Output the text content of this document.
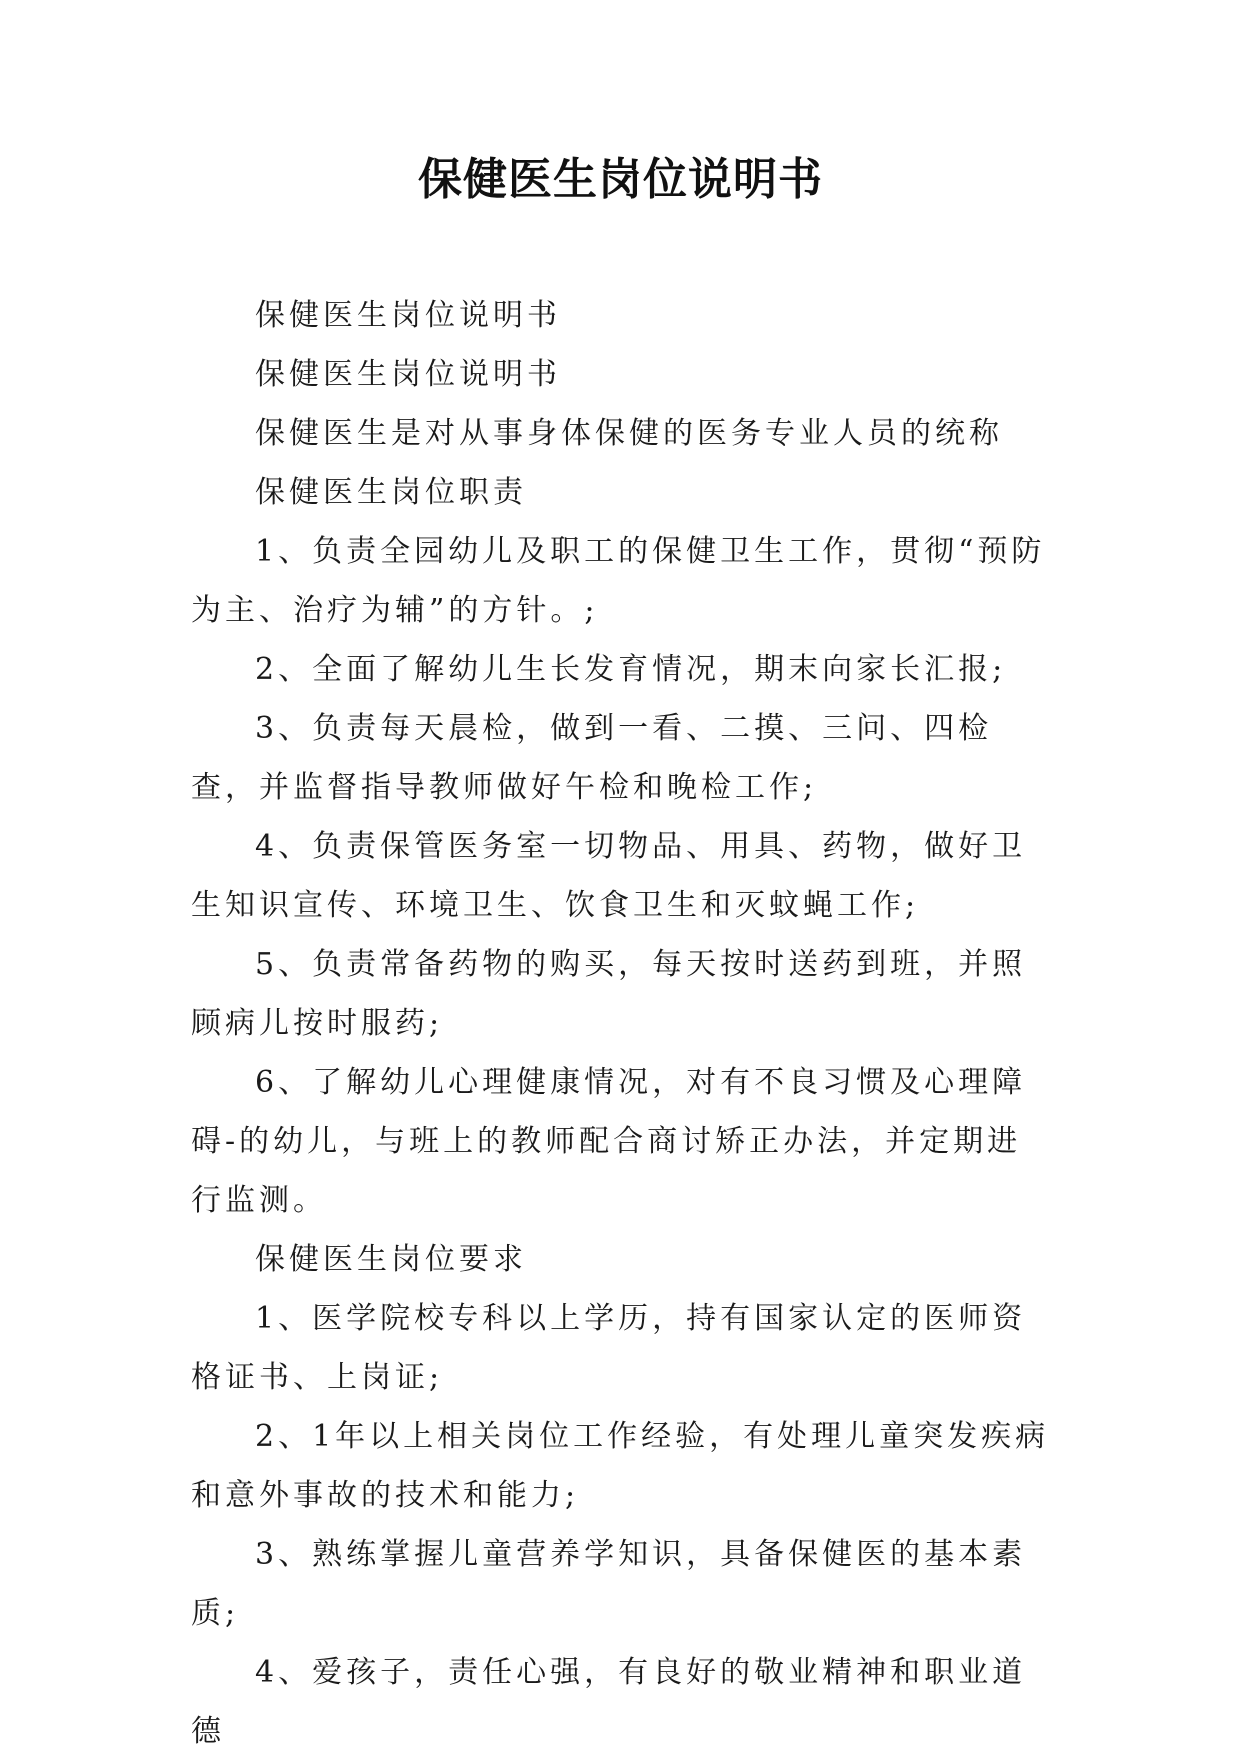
保健医生岗位说明书

保健医生岗位说明书

保健医生岗位说明书

保健医生是对从事身体保健的医务专业人员的统称

保健医生岗位职责

1、负责全园幼儿及职工的保健卫生工作，贯彻“预防为主、治疗为辅”的方针。;

2、全面了解幼儿生长发育情况，期末向家长汇报;

3、负责每天晨检，做到一看、二摸、三问、四检查，并监督指导教师做好午检和晚检工作;

4、负责保管医务室一切物品、用具、药物，做好卫生知识宣传、环境卫生、饮食卫生和灭蚊蝇工作;

5、负责常备药物的购买，每天按时送药到班，并照顾病儿按时服药;

6、了解幼儿心理健康情况，对有不良习惯及心理障碍-的幼儿，与班上的教师配合商讨矫正办法，并定期进行监测。

保健医生岗位要求

1、医学院校专科以上学历，持有国家认定的医师资格证书、上岗证;

2、1年以上相关岗位工作经验，有处理儿童突发疾病和意外事故的技术和能力;

3、熟练掌握儿童营养学知识，具备保健医的基本素质;

4、爱孩子，责任心强，有良好的敬业精神和职业道德
